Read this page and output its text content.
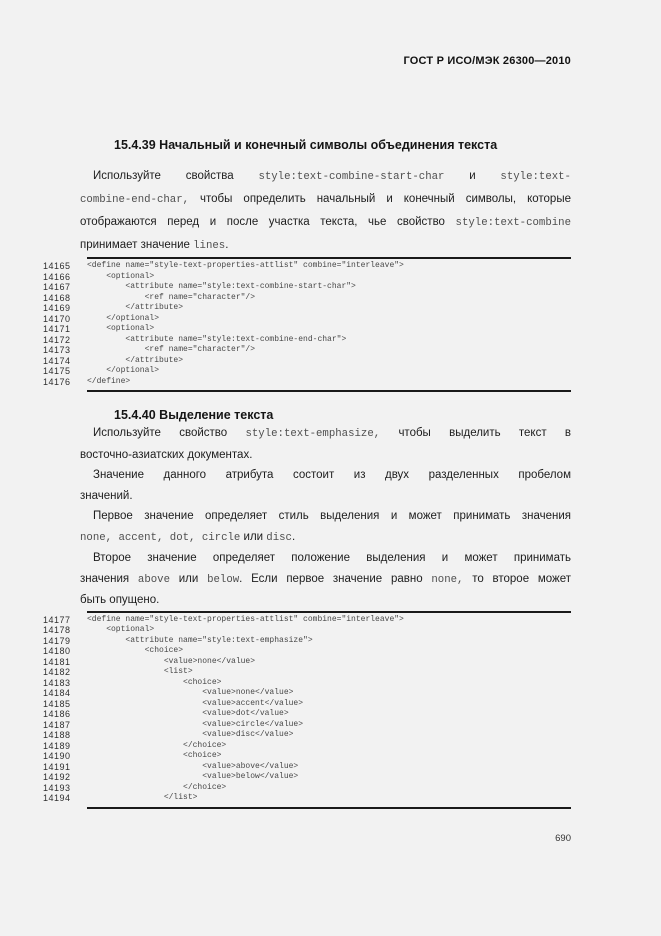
ГОСТ Р ИСО/МЭК 26300—2010
15.4.39 Начальный и конечный символы объединения текста
Используйте свойства style:text-combine-start-char и style:text-
combine-end-char, чтобы определить начальный и конечный символы, которые
отображаются перед и после участка текста, чье свойство style:text-combine
принимает значение lines.
14165 <define name="style-text-properties-attlist" combine="interleave">
14166 <optional>
14167 <attribute name="style:text-combine-start-char">
14168 <ref name="character"/>
14169 </attribute>
14170 </optional>
14171 <optional>
14172 <attribute name="style:text-combine-end-char">
14173 <ref name="character"/>
14174 </attribute>
14175 </optional>
14176 </define>
15.4.40 Выделение текста
Используйте свойство style:text-emphasize, чтобы выделить текст в
восточно-азиатских документах.
Значение данного атрибута состоит из двух разделенных пробелом
значений.
Первое значение определяет стиль выделения и может принимать значения
none, accent, dot, circle или disc.
Второе значение определяет положение выделения и может принимать
значения above или below. Если первое значение равно none, то второе может
быть опущено.
14177 <define name="style-text-properties-attlist" combine="interleave">
14178 <optional>
14179 <attribute name="style:text-emphasize">
14180 <choice>
14181 <value>none</value>
14182 <list>
14183 <choice>
14184 <value>none</value>
14185 <value>accent</value>
14186 <value>dot</value>
14187 <value>circle</value>
14188 <value>disc</value>
14189 </choice>
14190 <choice>
14191 <value>above</value>
14192 <value>below</value>
14193 </choice>
14194 </list>
690
